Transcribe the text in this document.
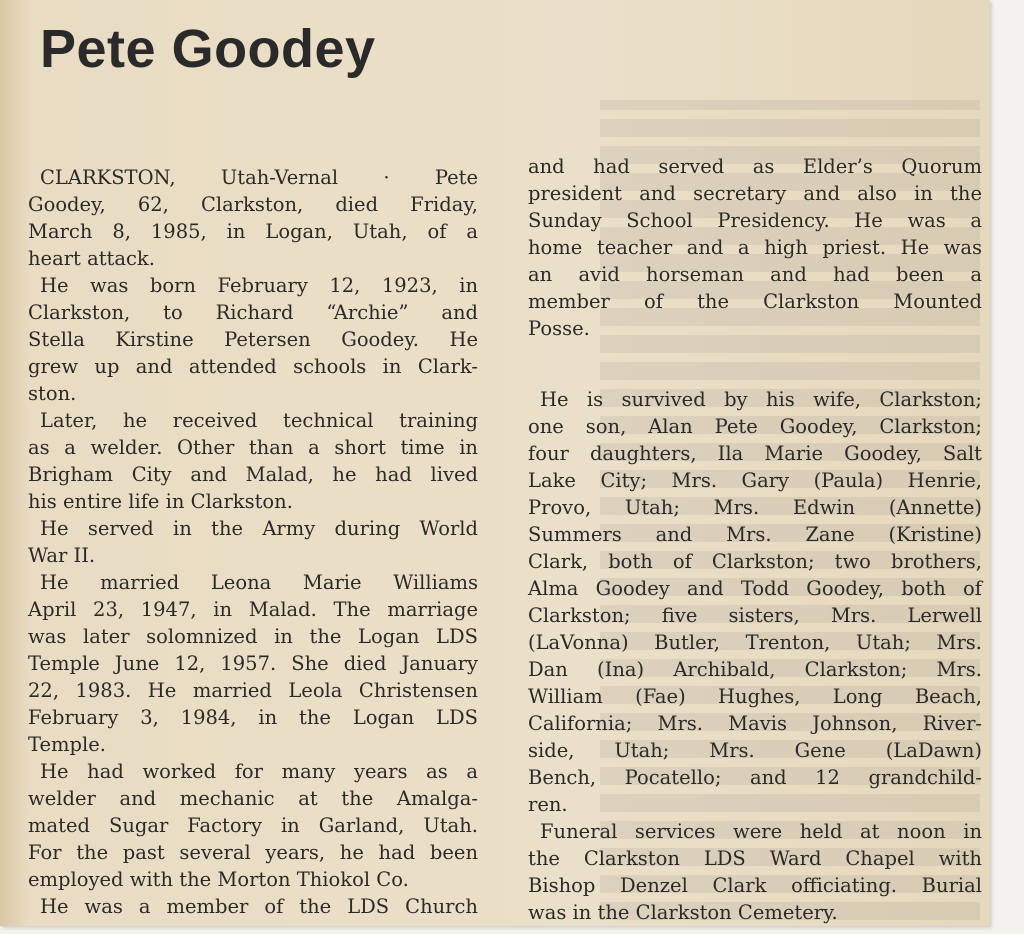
Pete Goodey
CLARKSTON, Utah-Vernal · Pete
Goodey, 62, Clarkston, died Friday,
March 8, 1985, in Logan, Utah, of a
heart attack.
He was born February 12, 1923, in
Clarkston, to Richard “Archie” and
Stella Kirstine Petersen Goodey. He
grew up and attended schools in Clark-
ston.
Later, he received technical training
as a welder. Other than a short time in
Brigham City and Malad, he had lived
his entire life in Clarkston.
He served in the Army during World
War II.
He married Leona Marie Williams
April 23, 1947, in Malad. The marriage
was later solomnized in the Logan LDS
Temple June 12, 1957. She died January
22, 1983. He married Leola Christensen
February 3, 1984, in the Logan LDS
Temple.
He had worked for many years as a
welder and mechanic at the Amalga-
mated Sugar Factory in Garland, Utah.
For the past several years, he had been
employed with the Morton Thiokol Co.
He was a member of the LDS Church
and had served as Elder’s Quorum
president and secretary and also in the
Sunday School Presidency. He was a
home teacher and a high priest. He was
an avid horseman and had been a
member of the Clarkston Mounted
Posse.
He is survived by his wife, Clarkston;
one son, Alan Pete Goodey, Clarkston;
four daughters, Ila Marie Goodey, Salt
Lake City; Mrs. Gary (Paula) Henrie,
Provo, Utah; Mrs. Edwin (Annette)
Summers and Mrs. Zane (Kristine)
Clark, both of Clarkston; two brothers,
Alma Goodey and Todd Goodey, both of
Clarkston; five sisters, Mrs. Lerwell
(LaVonna) Butler, Trenton, Utah; Mrs.
Dan (Ina) Archibald, Clarkston; Mrs.
William (Fae) Hughes, Long Beach,
California; Mrs. Mavis Johnson, River-
side, Utah; Mrs. Gene (LaDawn)
Bench, Pocatello; and 12 grandchild-
ren.
Funeral services were held at noon in
the Clarkston LDS Ward Chapel with
Bishop Denzel Clark officiating. Burial
was in the Clarkston Cemetery.
